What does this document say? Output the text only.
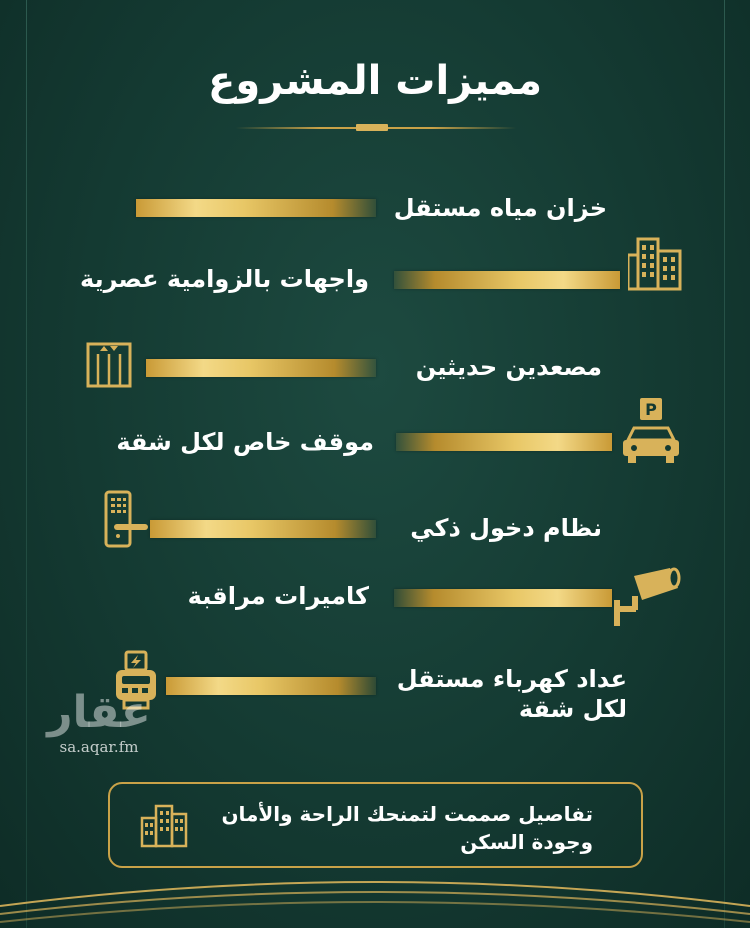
مميزات المشروع
خزان مياه مستقل
واجهات بالزوامية عصرية
مصعدين حديثين
P
موقف خاص لكل شقة
نظام دخول ذكي
كاميرات مراقبة
عداد كهرباء مستقل
لكل شقة
عقار
sa.aqar.fm
تفاصيل صممت لتمنحك الراحة والأمان
وجودة السكن
